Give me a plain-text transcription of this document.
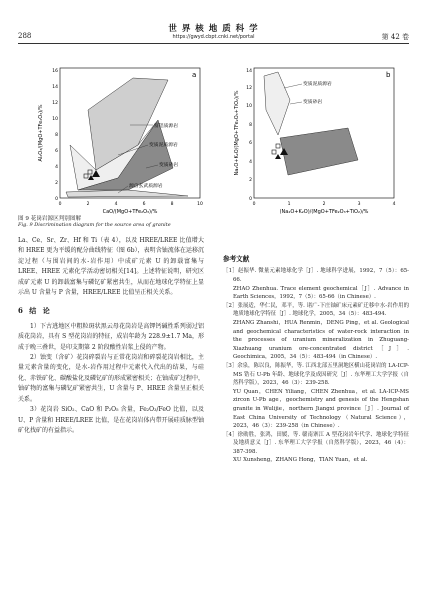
288
世 界 核 地 质 科 学
https://gwyd.cbpt.cnki.net/portal	第 42 卷
a
富铝质源岩
变质泥质源岩
变质砂岩
源自玄武质源岩
0
2
4
6
8
10
12
14
16
0	2	4	6	8	10
CaO/(MgO+TFe₂O₃)/%
Al₂O₃/(MgO+TFe₂O₃)/%
b
变质泥质源岩
变质砂岩
0
2
4
6
8
10
12
14
0	1	2	3	4
(Na₂O+K₂O)/(MgO+TFe₂O₃+TiO₂)/%
Na₂O+K₂O/(MgO+TFe₂O₃+TiO₂)/%
图 9 花岗岩源区判别图解
Fig. 9 Discrimination diagram for the source area of granite

La、Ce、Sr、Zr、Hf 和 Ti（表 4），以及 HREE/LREE 比值增大和 HREE 更为平缓的配分曲线特征（图 6b），表明含铀流体在运移沉淀过程（与围岩间的水-岩作用）中成矿元素 U 的卸载富集与 LREE、HREE 元素化学活动密切相关[14]。上述特征说明，研究区成矿元素 U 的卸载富集与磷钇矿紧密共生，从而在地球化学特征上显示出 U 含量与 P 含量，HREE/LREE 比值呈正相关关系。

6 结 论

1）下古逃地区中粗粒斑状黑云母花岗岩是高钾钙碱性系列弱过铝质花岗岩，具有 S 型花岗岩的特征，成岩年龄为 228.9±1.7 Ma，形成于晚三叠世，是印支期第 2 阶段酸性岩浆上侵的产物。

2）蚀变（含矿）花岗碎裂岩与正常花岗岩和碎裂花岗岩相比，主量元素含量的变化，是水-岩作用过程中元素代入代出的结果，与硅化、赤铁矿化、碳酸盐化及磷钇矿的形成紧密相关；在铀成矿过程中，铀矿物的富集与磷钇矿紧密共生，U 含量与 P、HREE 含量呈正相关关系。

3）花岗岩 SiO₂、CaO 和 P₂O₅ 含量，Fe₂O₃/FeO 比值，以及 U、P 含量和 HREE/LREE 比值，是在花岗岩体内带开展硅质脉型铀矿化找矿的有益指示。

参考文献

［1］赵振华. 微量元素地球化学［J］. 地球科学进展，1992，7（5）：65-66.

ZHAO Zhenhua. Trace element geochemical［J］. Advance in Earth Sciences，1992，7（5）：65-66（in Chinese）.

［2］张展适，华仁民，邓平，等. 诸广-下庄铀矿床元素矿迁移中水-岩作用的地质地球化学特征［J］. 地球化学，2005，34（5）：483-494.

ZHANG Zhanshi，HUA Renmin，DENG Ping，et al. Geological and geochemical characteristics of water-rock interaction in the processes of uranium mineralization in Zhuguang-Xiazhuang uranium ore-concentrated district［J］. Geochimica，2005，34（5）：483-494（in Chinese）.

［3］余泉，陈以良，陈振华，等. 江西北部五里洞地区横山花岗岩的 LA-ICP-MS 锆石 U-Pb 年龄、地球化学及成因研究［J］. 东华理工大学学报（自然科学版），2023，46（3）：239-258.

YU Quan，CHEN Yiliang，CHEN Zhenhua，et al. LA-ICP-MS zircon U-Pb age，geochemistry and genesis of the Hengshan granite in Wulijie，northern Jiangxi province［J］. Journal of East China University of Technology（Natural Science），2023，46（3）：239-258（in Chinese）.

［4］徐勋胜，张鸿，田媛，等. 赣南寨江 A 型花岗岩年代学、地球化学特征及地质意义［J］. 东华理工大学学报（自然科学版），2023，46（4）：387-398.

XU Xunsheng，ZHANG Hong，TIAN Yuan，et al.
